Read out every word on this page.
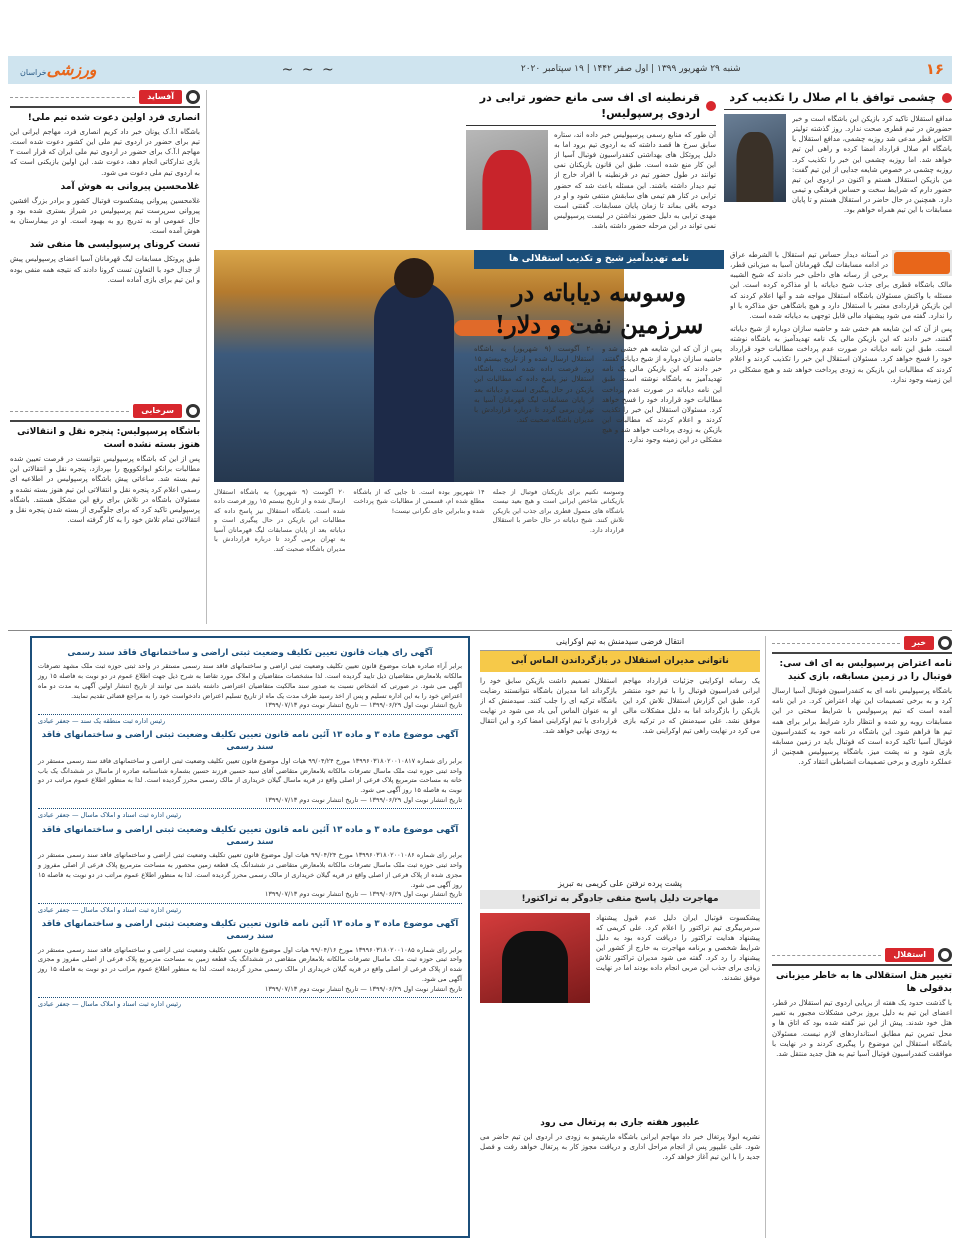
۱۶
شنبه ۲۹ شهریور ۱۳۹۹ | اول صفر ۱۴۴۲ | ۱۹ سپتامبر ۲۰۲۰
~ ~ ~
ورزشی
خراسان
چشمی توافق با ام صلال را تکذیب کرد

مدافع استقلال تاکید کرد بازیکن این باشگاه است و خبر حضورش در تیم قطری صحت ندارد. روز گذشته تولیتر الکاس قطر مدعی شد روزبه چشمی، مدافع استقلال با باشگاه ام صلال قرارداد امضا کرده و راهی این تیم خواهد شد. اما روزبه چشمی این خبر را تکذیب کرد. روزبه چشمی در خصوص شایعه جدایی از این تیم گفت: من بازیکن استقلال هستم و اکنون در اردوی این تیم حضور دارم که شرایط سخت و حساس فرهنگی و تیمی دارد. همچنین در حال حاضر در استقلال هستم و تا پایان مسابقات با این تیم همراه خواهم بود.

قرنطینه ای اف سی مانع حضور ترابی در اردوی پرسپولیس!

آن طور که منابع رسمی پرسپولیس خبر داده اند، ستاره سابق سرخ ها قصد داشته که به اردوی تیم برود اما به دلیل پروتکل های بهداشتی کنفدراسیون فوتبال آسیا از این کار منع شده است. طبق این قانون بازیکنان نمی توانند در طول حضور تیم در قرنطینه با افراد خارج از تیم دیدار داشته باشند. این مسئله باعث شد که حضور ترابی در کنار هم تیمی های سابقش منتفی شود و او در دوحه باقی بماند تا زمان پایان مسابقات. گفتنی است مهدی ترابی به دلیل حضور نداشتن در لیست پرسپولیس نمی تواند در این مرحله حضور داشته باشد.

آفساید
انصاری فرد اولین دعوت شده تیم ملی!

باشگاه ا.آ.ک یونان خبر داد کریم انصاری فرد، مهاجم ایرانی این تیم برای حضور در اردوی تیم ملی این کشور دعوت شده است. مهاجم ا.آ.ک برای حضور در اردوی تیم ملی ایران که قرار است ۲ بازی تدارکاتی انجام دهد، دعوت شد. این اولین بازیکنی است که به اردوی تیم ملی دعوت می شود.

غلامحسین پیروانی به هوش آمد

غلامحسین پیروانی پیشکسوت فوتبال کشور و برادر بزرگ افشین پیروانی سرپرست تیم پرسپولیس در شیراز بستری شده بود و حال عمومی او به تدریج رو به بهبود است. او در بیمارستان به هوش آمده است.

تست کرونای پرسپولیسی ها منفی شد

طبق پروتکل مسابقات لیگ قهرمانان آسیا اعضای پرسپولیس پیش از جدال خود با التعاون تست کرونا دادند که نتیجه همه منفی بوده و این تیم برای بازی آماده است.

سرخابی
باشگاه پرسپولیس: پنجره نقل و انتقالاتی هنوز بسته نشده است

پس از این که باشگاه پرسپولیس نتوانست در فرصت تعیین شده مطالبات برانکو ایوانکوویچ را بپردازد، پنجره نقل و انتقالاتی این تیم بسته شد. ساعاتی پیش باشگاه پرسپولیس در اطلاعیه ای رسمی اعلام کرد پنجره نقل و انتقالاتی این تیم هنوز بسته نشده و مسئولان باشگاه در تلاش برای رفع این مشکل هستند. باشگاه پرسپولیس تاکید کرد که برای جلوگیری از بسته شدن پنجره نقل و انتقالاتی تمام تلاش خود را به کار گرفته است.

نامه تهدیدآمیز شیخ و تکذیب استقلالی ها
وسوسه دیاباته در سرزمین نفت و دلار!

در آستانه دیدار حساس تیم استقلال با الشرطه عراق در ادامه مسابقات لیگ قهرمانان آسیا به میزبانی قطر، برخی از رسانه های داخلی خبر دادند که شیخ الشیبه مالک باشگاه قطری برای جذب شیخ دیاباته با او مذاکره کرده است. این مسئله با واکنش مسئولان باشگاه استقلال مواجه شد و آنها اعلام کردند که این بازیکن قراردادی معتبر با استقلال دارد و هیچ باشگاهی حق مذاکره با او را ندارد. گفته می شود پیشنهاد مالی قابل توجهی به دیاباته شده است.

پس از آن که این شایعه هم خشی شد و حاشیه سازان دوباره از شیخ دیاباته گفتند، خبر دادند که این بازیکن مالی یک نامه تهدیدآمیز به باشگاه نوشته است. طبق این نامه دیاباته در صورت عدم پرداخت مطالبات خود قرارداد خود را فسخ خواهد کرد. مسئولان استقلال این خبر را تکذیب کردند و اعلام کردند که مطالبات این بازیکن به زودی پرداخت خواهد شد و هیچ مشکلی در این زمینه وجود ندارد.

پس از آن که این شایعه هم خشی شد و حاشیه سازان دوباره از شیخ دیاباته گفتند، خبر دادند که این بازیکن مالی یک نامه تهدیدآمیز به باشگاه نوشته است. طبق این نامه دیاباته در صورت عدم پرداخت مطالبات خود قرارداد خود را فسخ خواهد کرد. مسئولان استقلال این خبر را تکذیب کردند و اعلام کردند که مطالبات این بازیکن به زودی پرداخت خواهد شد و هیچ مشکلی در این زمینه وجود ندارد.

۲۰ آگوست (۹ شهریور) به باشگاه استقلال ارسال شده و از تاریخ بیستم ۱۵ روز فرصت داده شده است. باشگاه استقلال نیز پاسخ داده که مطالبات این بازیکن در حال پیگیری است و دیاباته بعد از پایان مسابقات لیگ قهرمانان آسیا به تهران برمی گردد تا درباره قراردادش با مدیران باشگاه صحبت کند.

وسوسه نکنیم برای بازیکنان فوتبال از جمله بازیکنانی شاخص ایرانی است و هیچ بعید نیست باشگاه های متمول قطری برای جذب این بازیکن تلاش کنند. شیخ دیاباته در حال حاضر با استقلال قرارداد دارد.

۱۴ شهریور بوده است. تا جایی که از باشگاه مطلع شده ام، قسمتی از مطالبات شیخ پرداخت شده و بنابراین جای نگرانی نیست!

۲۰ آگوست (۹ شهریور) به باشگاه استقلال ارسال شده و از تاریخ بیستم ۱۵ روز فرصت داده شده است. باشگاه استقلال نیز پاسخ داده که مطالبات این بازیکن در حال پیگیری است و دیاباته بعد از پایان مسابقات لیگ قهرمانان آسیا به تهران برمی گردد تا درباره قراردادش با مدیران باشگاه صحبت کند.

خبر
نامه اعتراض پرسپولیس به ای اف سی: فوتبال را در زمین مسابقه، بازی کنید

باشگاه پرسپولیس نامه ای به کنفدراسیون فوتبال آسیا ارسال کرد و به برخی تصمیمات این نهاد اعتراض کرد. در این نامه آمده است که تیم پرسپولیس با شرایط سختی در این مسابقات روبه رو شده و انتظار دارد شرایط برابر برای همه تیم ها فراهم شود. این باشگاه در نامه خود به کنفدراسیون فوتبال آسیا تاکید کرده است که فوتبال باید در زمین مسابقه بازی شود و نه پشت میز. باشگاه پرسپولیس همچنین از عملکرد داوری و برخی تصمیمات انضباطی انتقاد کرد.

استقلال
تغییر هتل استقلالی ها به خاطر میزبانی بدقولی ها

با گذشت حدود یک هفته از برپایی اردوی تیم استقلال در قطر، اعضای این تیم به دلیل بروز برخی مشکلات مجبور به تغییر هتل خود شدند. پیش از این نیز گفته شده بود که اتاق ها و محل تمرین تیم مطابق استانداردهای لازم نیست. مسئولان باشگاه استقلال این موضوع را پیگیری کردند و در نهایت با موافقت کنفدراسیون فوتبال آسیا تیم به هتل جدید منتقل شد.

انتقال فرضی سیدمنش به تیم اوکراینی
ناتوانی مدیران استقلال در بازگرداندن الماس آبی

یک رسانه اوکراینی جزئیات قرارداد مهاجم ایرانی فدراسیون فوتبال را با تیم خود منتشر کرد. طبق این گزارش استقلال تلاش کرد این بازیکن را بازگرداند اما به دلیل مشکلات مالی موفق نشد. علی سیدمنش که در ترکیه بازی می کرد در نهایت راهی تیم اوکراینی شد.

استقلال تصمیم داشت بازیکن سابق خود را بازگرداند اما مدیران باشگاه نتوانستند رضایت باشگاه ترکیه ای را جلب کنند. سیدمنش که از او به عنوان الماس آبی یاد می شود در نهایت قراردادی با تیم اوکراینی امضا کرد و این انتقال به زودی نهایی خواهد شد.

پشت پرده نرفتن علی کریمی به تبریز
مهاجرت دلیل پاسخ منفی جادوگر به تراکتور!

پیشکسوت فوتبال ایران دلیل عدم قبول پیشنهاد سرمربیگری تیم تراکتور را اعلام کرد. علی کریمی که پیشنهاد هدایت تراکتور را دریافت کرده بود به دلیل شرایط شخصی و برنامه مهاجرت به خارج از کشور این پیشنهاد را رد کرد. گفته می شود مدیران تراکتور تلاش زیادی برای جذب این مربی انجام داده بودند اما در نهایت موفق نشدند.

علیپور هفته جاری به پرتغال می رود

نشریه ابولا پرتغال خبر داد مهاجم ایرانی باشگاه ماریتیمو به زودی در اردوی این تیم حاضر می شود. علی علیپور پس از انجام مراحل اداری و دریافت مجوز کار به پرتغال خواهد رفت و فصل جدید را با این تیم آغاز خواهد کرد.

آگهی رای هیات قانون تعیین تکلیف وضعیت ثبتی اراضی و ساختمانهای فاقد سند رسمی

برابر آراء صادره هیات موضوع قانون تعیین تکلیف وضعیت ثبتی اراضی و ساختمانهای فاقد سند رسمی مستقر در واحد ثبتی حوزه ثبت ملک مشهد تصرفات مالکانه بلامعارض متقاضیان ذیل تایید گردیده است. لذا مشخصات متقاضیان و املاک مورد تقاضا به شرح ذیل جهت اطلاع عموم در دو نوبت به فاصله ۱۵ روز آگهی می شود. در صورتی که اشخاص نسبت به صدور سند مالکیت متقاضیان اعتراضی داشته باشند می توانند از تاریخ انتشار اولین آگهی به مدت دو ماه اعتراض خود را به این اداره تسلیم و پس از اخذ رسید ظرف مدت یک ماه از تاریخ تسلیم اعتراض دادخواست خود را به مراجع قضائی تقدیم نمایند.

تاریخ انتشار نوبت اول ۱۳۹۹/۰۶/۲۹ — تاریخ انتشار نوبت دوم ۱۳۹۹/۰۷/۱۳

رئیس اداره ثبت منطقه یک سند — جعفر عبادی

آگهی موضوع ماده ۳ و ماده ۱۳ آئین نامه قانون تعیین تکلیف وضعیت ثبتی اراضی و ساختمانهای فاقد سند رسمی

برابر رای شماره ۱۳۹۹۶۰۳۱۸۰۲۰۰۱۰۸۱۷ مورخ ۹۹/۰۴/۲۴ هیات اول موضوع قانون تعیین تکلیف وضعیت ثبتی اراضی و ساختمانهای فاقد سند رسمی مستقر در واحد ثبتی حوزه ثبت ملک ماسال تصرفات مالکانه بلامعارض متقاضی آقای سید حسین فرزند حسین بشماره شناسنامه صادره از ماسال در ششدانگ یک باب خانه به مساحت مترمربع پلاک فرعی از اصلی واقع در قریه ماسال گیلان خریداری از مالک رسمی محرز گردیده است. لذا به منظور اطلاع عموم مراتب در دو نوبت به فاصله ۱۵ روز آگهی می شود.

تاریخ انتشار نوبت اول ۱۳۹۹/۰۶/۲۹ — تاریخ انتشار نوبت دوم ۱۳۹۹/۰۷/۱۳

رئیس اداره ثبت اسناد و املاک ماسال — جعفر عبادی

آگهی موضوع ماده ۳ و ماده ۱۳ آئین نامه قانون تعیین تکلیف وضعیت ثبتی اراضی و ساختمانهای فاقد سند رسمی

برابر رای شماره ۱۳۹۹۶۰۳۱۸۰۲۰۰۱۰۸۶ مورخ ۹۹/۰۴/۲۴ هیات اول موضوع قانون تعیین تکلیف وضعیت ثبتی اراضی و ساختمانهای فاقد سند رسمی مستقر در واحد ثبتی حوزه ثبت ملک ماسال تصرفات مالکانه بلامعارض متقاضی در ششدانگ یک قطعه زمین محصور به مساحت مترمربع پلاک فرعی از اصلی مفروز و مجزی شده از پلاک فرعی از اصلی واقع در قریه گیلان خریداری از مالک رسمی محرز گردیده است. لذا به منظور اطلاع عموم مراتب در دو نوبت به فاصله ۱۵ روز آگهی می شود.

تاریخ انتشار نوبت اول ۱۳۹۹/۰۶/۲۹ — تاریخ انتشار نوبت دوم ۱۳۹۹/۰۷/۱۳

رئیس اداره ثبت اسناد و املاک ماسال — جعفر عبادی

آگهی موضوع ماده ۳ و ماده ۱۳ آئین نامه قانون تعیین تکلیف وضعیت ثبتی اراضی و ساختمانهای فاقد سند رسمی

برابر رای شماره ۱۳۹۹۶۰۳۱۸۰۲۰۰۱۰۸۵ مورخ ۹۹/۰۴/۱۶ هیات اول موضوع قانون تعیین تکلیف وضعیت ثبتی اراضی و ساختمانهای فاقد سند رسمی مستقر در واحد ثبتی حوزه ثبت ملک ماسال تصرفات مالکانه بلامعارض متقاضی در ششدانگ یک قطعه زمین به مساحت مترمربع پلاک فرعی از اصلی مفروز و مجزی شده از پلاک فرعی از اصلی واقع در قریه گیلان خریداری از مالک رسمی محرز گردیده است. لذا به منظور اطلاع عموم مراتب در دو نوبت به فاصله ۱۵ روز آگهی می شود.

تاریخ انتشار نوبت اول ۱۳۹۹/۰۶/۲۹ — تاریخ انتشار نوبت دوم ۱۳۹۹/۰۷/۱۳

رئیس اداره ثبت اسناد و املاک ماسال — جعفر عبادی
